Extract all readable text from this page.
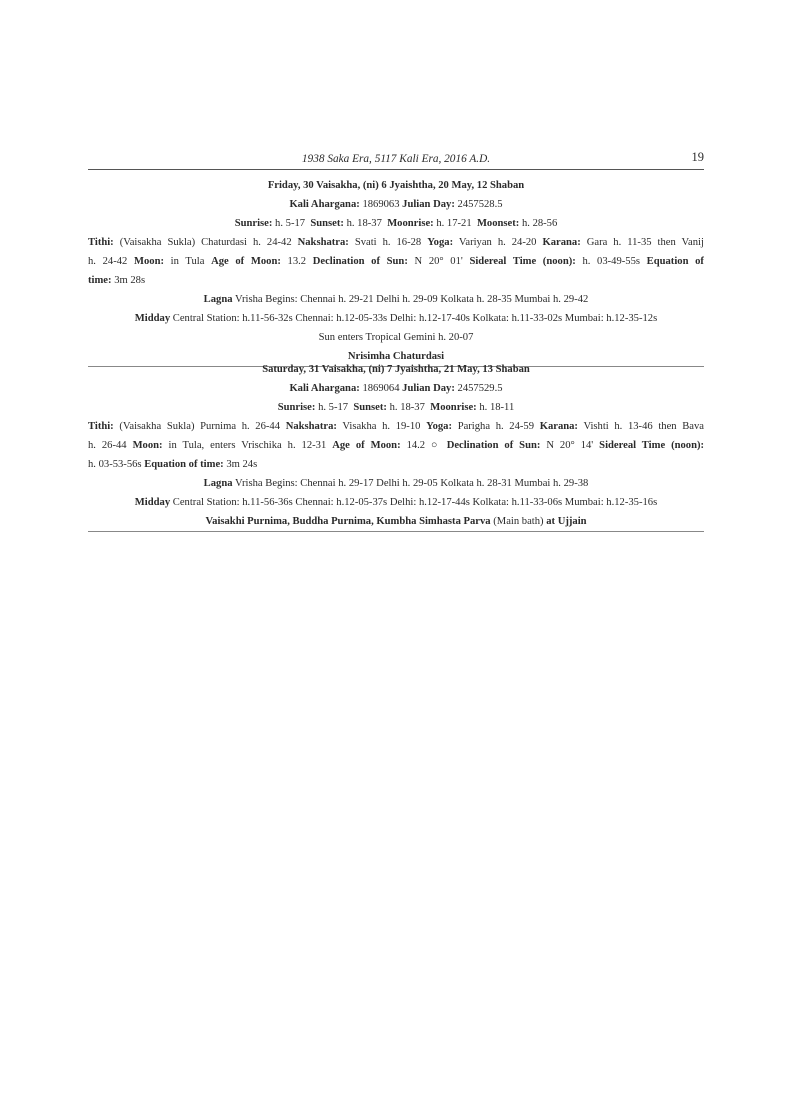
1938 Saka Era, 5117 Kali Era, 2016 A.D.	19
Friday, 30 Vaisakha, (ni) 6 Jyaishtha, 20 May, 12 Shaban
Kali Ahargana: 1869063 Julian Day: 2457528.5
Sunrise: h. 5-17 Sunset: h. 18-37 Moonrise: h. 17-21 Moonset: h. 28-56
Tithi: (Vaisakha Sukla) Chaturdasi h. 24-42 Nakshatra: Svati h. 16-28 Yoga: Variyan h. 24-20 Karana: Gara h. 11-35 then Vanij
h. 24-42 Moon: in Tula Age of Moon: 13.2 Declination of Sun: N 20° 01' Sidereal Time (noon): h. 03-49-55s Equation of
time: 3m 28s
Lagna Vrisha Begins: Chennai h. 29-21 Delhi h. 29-09 Kolkata h. 28-35 Mumbai h. 29-42
Midday Central Station: h.11-56-32s Chennai: h.12-05-33s Delhi: h.12-17-40s Kolkata: h.11-33-02s Mumbai: h.12-35-12s
Sun enters Tropical Gemini h. 20-07
Nrisimha Chaturdasi
Saturday, 31 Vaisakha, (ni) 7 Jyaishtha, 21 May, 13 Shaban
Kali Ahargana: 1869064 Julian Day: 2457529.5
Sunrise: h. 5-17 Sunset: h. 18-37 Moonrise: h. 18-11
Tithi: (Vaisakha Sukla) Purnima h. 26-44 Nakshatra: Visakha h. 19-10 Yoga: Parigha h. 24-59 Karana: Vishti h. 13-46 then Bava
h. 26-44 Moon: in Tula, enters Vrischika h. 12-31 Age of Moon: 14.2 ○ Declination of Sun: N 20° 14' Sidereal Time (noon):
h. 03-53-56s Equation of time: 3m 24s
Lagna Vrisha Begins: Chennai h. 29-17 Delhi h. 29-05 Kolkata h. 28-31 Mumbai h. 29-38
Midday Central Station: h.11-56-36s Chennai: h.12-05-37s Delhi: h.12-17-44s Kolkata: h.11-33-06s Mumbai: h.12-35-16s
Vaisakhi Purnima, Buddha Purnima, Kumbha Simhasta Parva (Main bath) at Ujjain
